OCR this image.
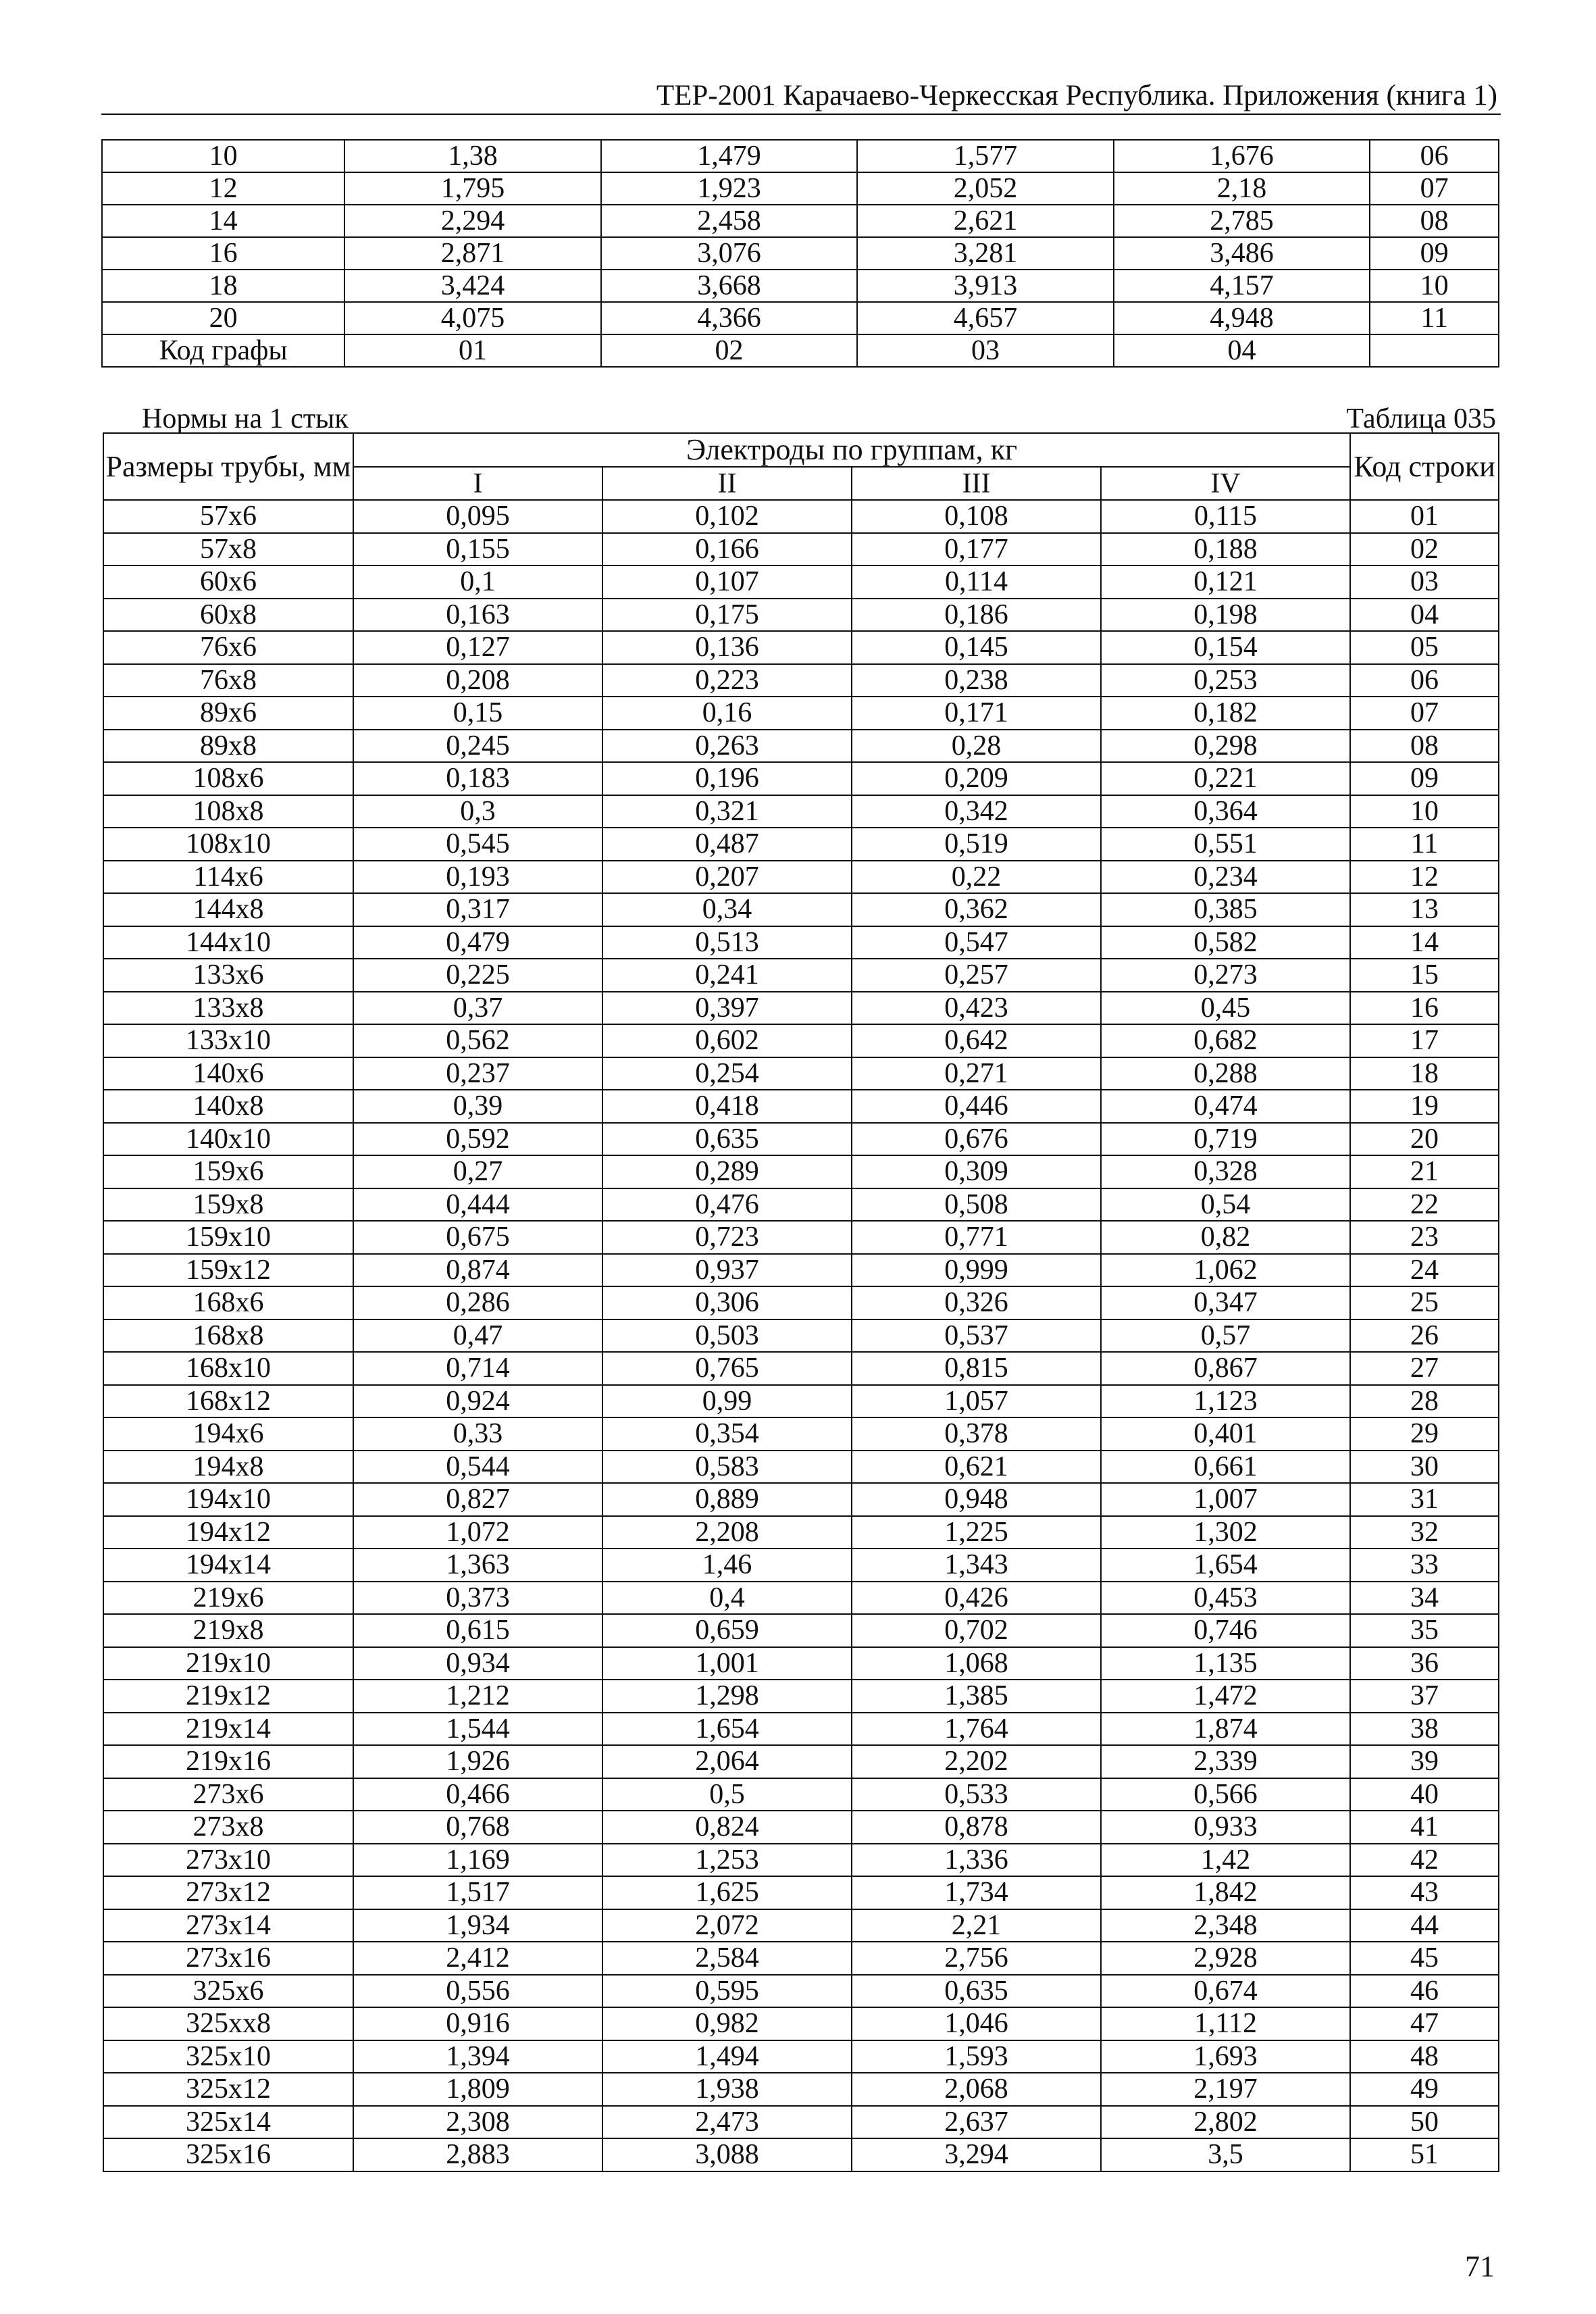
ТЕР-2001 Карачаево-Черкесская Республика. Приложения (книга 1)
10	1,38	1,479	1,577	1,676	06
12	1,795	1,923	2,052	2,18	07
14	2,294	2,458	2,621	2,785	08
16	2,871	3,076	3,281	3,486	09
18	3,424	3,668	3,913	4,157	10
20	4,075	4,366	4,657	4,948	11
Код графы	01	02	03	04	
Нормы на 1 стык	Таблица 035
Размеры трубы, мм	Электроды по группам, кг				Код строки
	I	II	III	IV	
57х6	0,095	0,102	0,108	0,115	01
57х8	0,155	0,166	0,177	0,188	02
60х6	0,1	0,107	0,114	0,121	03
60х8	0,163	0,175	0,186	0,198	04
76х6	0,127	0,136	0,145	0,154	05
76х8	0,208	0,223	0,238	0,253	06
89х6	0,15	0,16	0,171	0,182	07
89х8	0,245	0,263	0,28	0,298	08
108х6	0,183	0,196	0,209	0,221	09
108х8	0,3	0,321	0,342	0,364	10
108х10	0,545	0,487	0,519	0,551	11
114х6	0,193	0,207	0,22	0,234	12
144х8	0,317	0,34	0,362	0,385	13
144х10	0,479	0,513	0,547	0,582	14
133х6	0,225	0,241	0,257	0,273	15
133х8	0,37	0,397	0,423	0,45	16
133х10	0,562	0,602	0,642	0,682	17
140х6	0,237	0,254	0,271	0,288	18
140х8	0,39	0,418	0,446	0,474	19
140х10	0,592	0,635	0,676	0,719	20
159х6	0,27	0,289	0,309	0,328	21
159х8	0,444	0,476	0,508	0,54	22
159х10	0,675	0,723	0,771	0,82	23
159х12	0,874	0,937	0,999	1,062	24
168х6	0,286	0,306	0,326	0,347	25
168х8	0,47	0,503	0,537	0,57	26
168х10	0,714	0,765	0,815	0,867	27
168х12	0,924	0,99	1,057	1,123	28
194х6	0,33	0,354	0,378	0,401	29
194х8	0,544	0,583	0,621	0,661	30
194х10	0,827	0,889	0,948	1,007	31
194х12	1,072	2,208	1,225	1,302	32
194х14	1,363	1,46	1,343	1,654	33
219х6	0,373	0,4	0,426	0,453	34
219х8	0,615	0,659	0,702	0,746	35
219х10	0,934	1,001	1,068	1,135	36
219х12	1,212	1,298	1,385	1,472	37
219х14	1,544	1,654	1,764	1,874	38
219х16	1,926	2,064	2,202	2,339	39
273х6	0,466	0,5	0,533	0,566	40
273х8	0,768	0,824	0,878	0,933	41
273х10	1,169	1,253	1,336	1,42	42
273х12	1,517	1,625	1,734	1,842	43
273х14	1,934	2,072	2,21	2,348	44
273х16	2,412	2,584	2,756	2,928	45
325х6	0,556	0,595	0,635	0,674	46
325хх8	0,916	0,982	1,046	1,112	47
325х10	1,394	1,494	1,593	1,693	48
325х12	1,809	1,938	2,068	2,197	49
325х14	2,308	2,473	2,637	2,802	50
325х16	2,883	3,088	3,294	3,5	51
71
